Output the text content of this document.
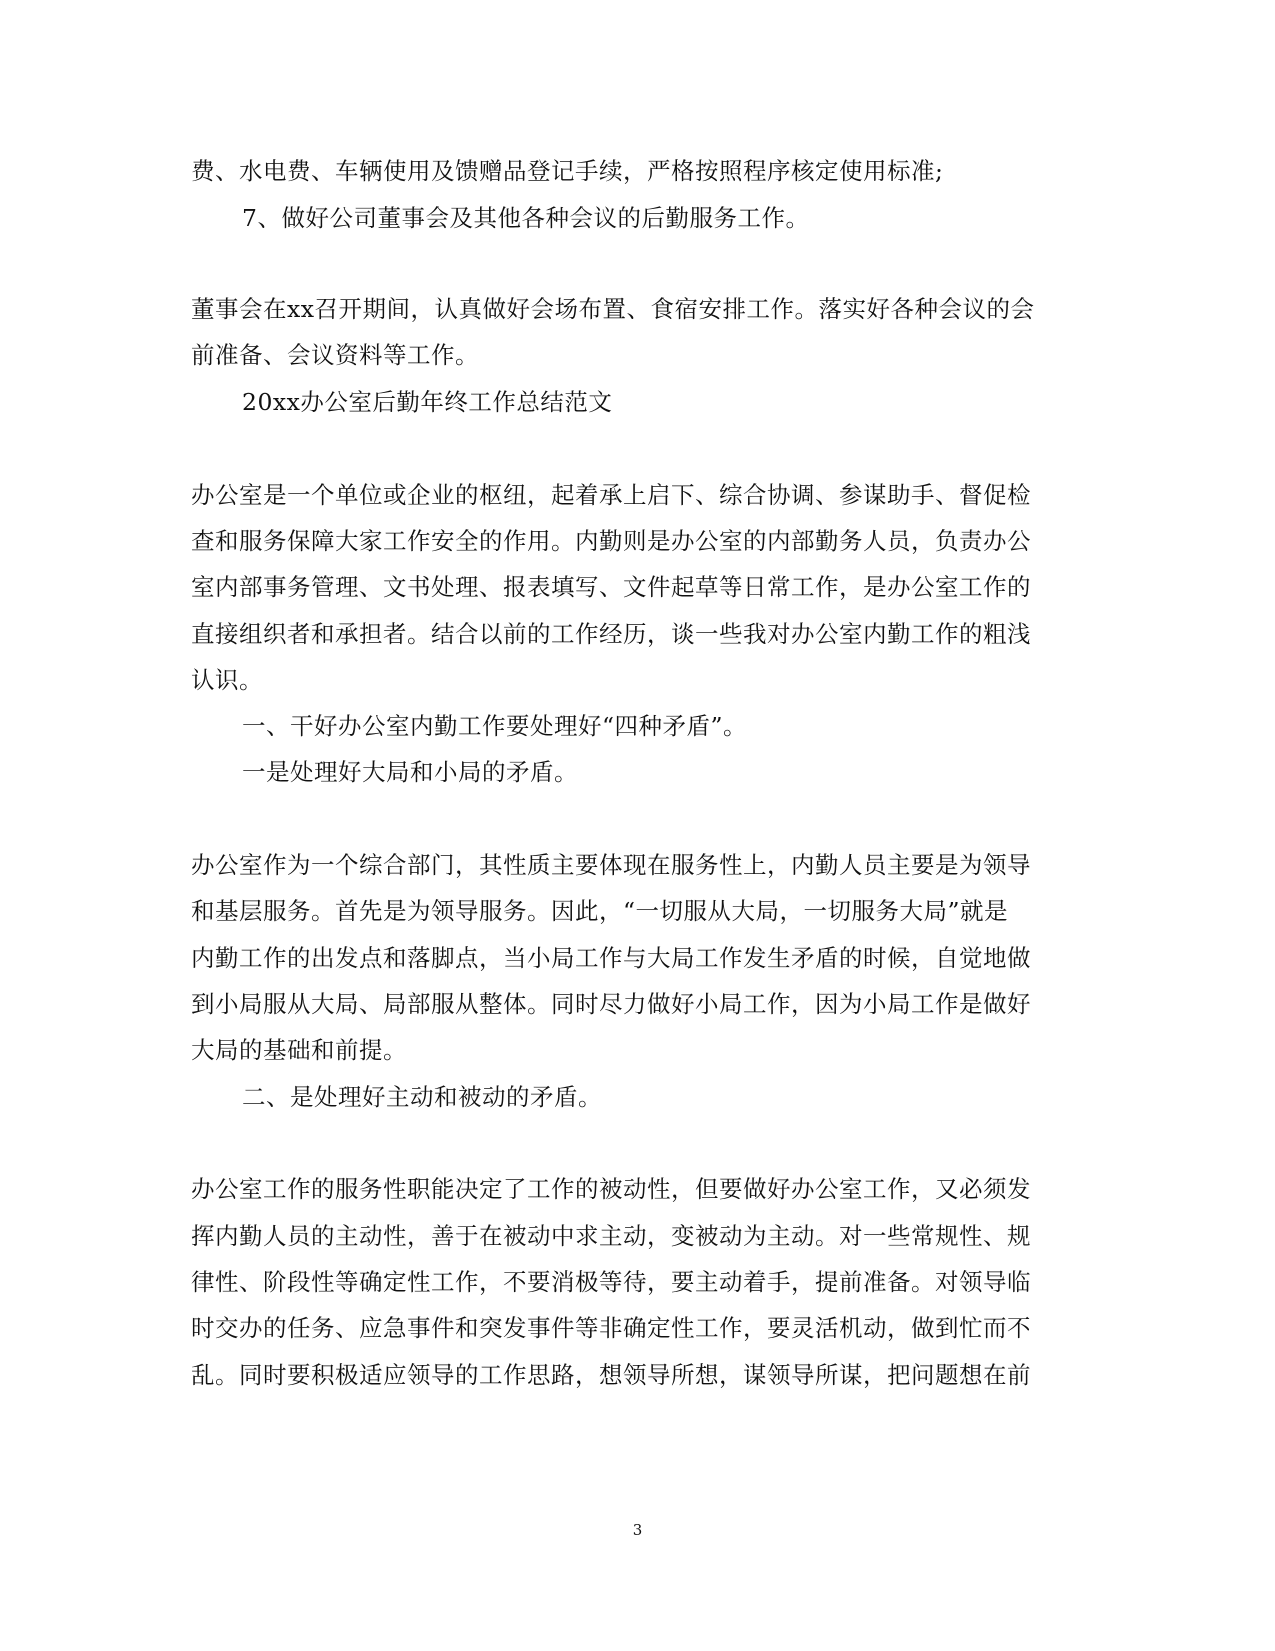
费、水电费、车辆使用及馈赠品登记手续，严格按照程序核定使用标准;
7、做好公司董事会及其他各种会议的后勤服务工作。
董事会在xx召开期间，认真做好会场布置、食宿安排工作。落实好各种会议的会
前准备、会议资料等工作。
20xx办公室后勤年终工作总结范文
办公室是一个单位或企业的枢纽，起着承上启下、综合协调、参谋助手、督促检
查和服务保障大家工作安全的作用。内勤则是办公室的内部勤务人员，负责办公
室内部事务管理、文书处理、报表填写、文件起草等日常工作，是办公室工作的
直接组织者和承担者。结合以前的工作经历，谈一些我对办公室内勤工作的粗浅
认识。
一、干好办公室内勤工作要处理好“四种矛盾”。
一是处理好大局和小局的矛盾。
办公室作为一个综合部门，其性质主要体现在服务性上，内勤人员主要是为领导
和基层服务。首先是为领导服务。因此，“一切服从大局，一切服务大局”就是
内勤工作的出发点和落脚点，当小局工作与大局工作发生矛盾的时候，自觉地做
到小局服从大局、局部服从整体。同时尽力做好小局工作，因为小局工作是做好
大局的基础和前提。
二、是处理好主动和被动的矛盾。
办公室工作的服务性职能决定了工作的被动性，但要做好办公室工作，又必须发
挥内勤人员的主动性，善于在被动中求主动，变被动为主动。对一些常规性、规
律性、阶段性等确定性工作，不要消极等待，要主动着手，提前准备。对领导临
时交办的任务、应急事件和突发事件等非确定性工作，要灵活机动，做到忙而不
乱。同时要积极适应领导的工作思路，想领导所想，谋领导所谋，把问题想在前
3
